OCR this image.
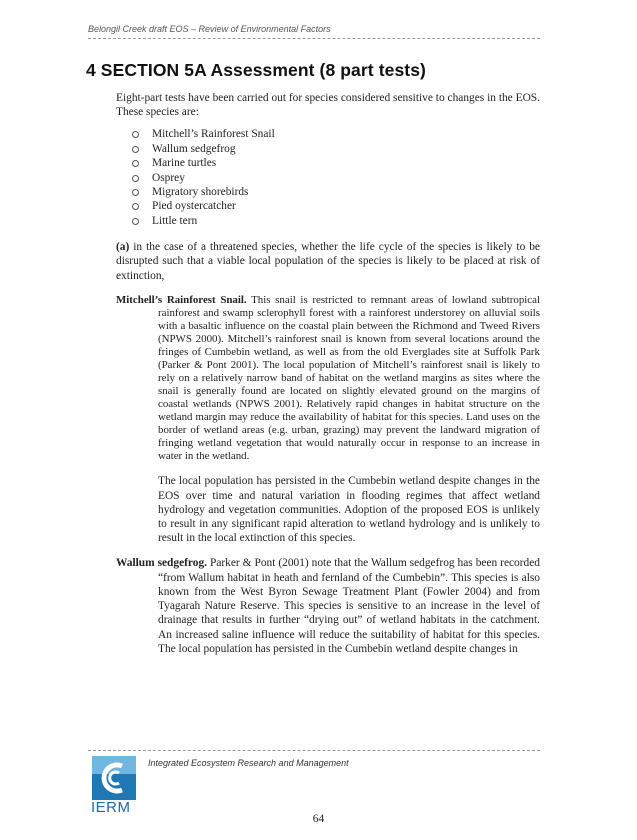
Belongil Creek draft EOS – Review of Environmental Factors
4 SECTION 5A Assessment (8 part tests)

Eight-part tests have been carried out for species considered sensitive to changes in the EOS. These species are:

Mitchell’s Rainforest Snail
Wallum sedgefrog
Marine turtles
Osprey
Migratory shorebirds
Pied oystercatcher
Little tern

(a) in the case of a threatened species, whether the life cycle of the species is likely to be disrupted such that a viable local population of the species is likely to be placed at risk of extinction,

Mitchell’s Rainforest Snail. This snail is restricted to remnant areas of lowland subtropical rainforest and swamp sclerophyll forest with a rainforest understorey on alluvial soils with a basaltic influence on the coastal plain between the Richmond and Tweed Rivers (NPWS 2000). Mitchell’s rainforest snail is known from several locations around the fringes of Cumbebin wetland, as well as from the old Everglades site at Suffolk Park (Parker & Pont 2001). The local population of Mitchell’s rainforest snail is likely to rely on a relatively narrow band of habitat on the wetland margins as sites where the snail is generally found are located on slightly elevated ground on the margins of coastal wetlands (NPWS 2001). Relatively rapid changes in habitat structure on the wetland margin may reduce the availability of habitat for this species. Land uses on the border of wetland areas (e.g. urban, grazing) may prevent the landward migration of fringing wetland vegetation that would naturally occur in response to an increase in water in the wetland.

The local population has persisted in the Cumbebin wetland despite changes in the EOS over time and natural variation in flooding regimes that affect wetland hydrology and vegetation communities. Adoption of the proposed EOS is unlikely to result in any significant rapid alteration to wetland hydrology and is unlikely to result in the local extinction of this species.

Wallum sedgefrog. Parker & Pont (2001) note that the Wallum sedgefrog has been recorded “from Wallum habitat in heath and fernland of the Cumbebin”. This species is also known from the West Byron Sewage Treatment Plant (Fowler 2004) and from Tyagarah Nature Reserve. This species is sensitive to an increase in the level of drainage that results in further “drying out” of wetland habitats in the catchment. An increased saline influence will reduce the suitability of habitat for this species. The local population has persisted in the Cumbebin wetland despite changes in

IERM
Integrated Ecosystem Research and Management
64
